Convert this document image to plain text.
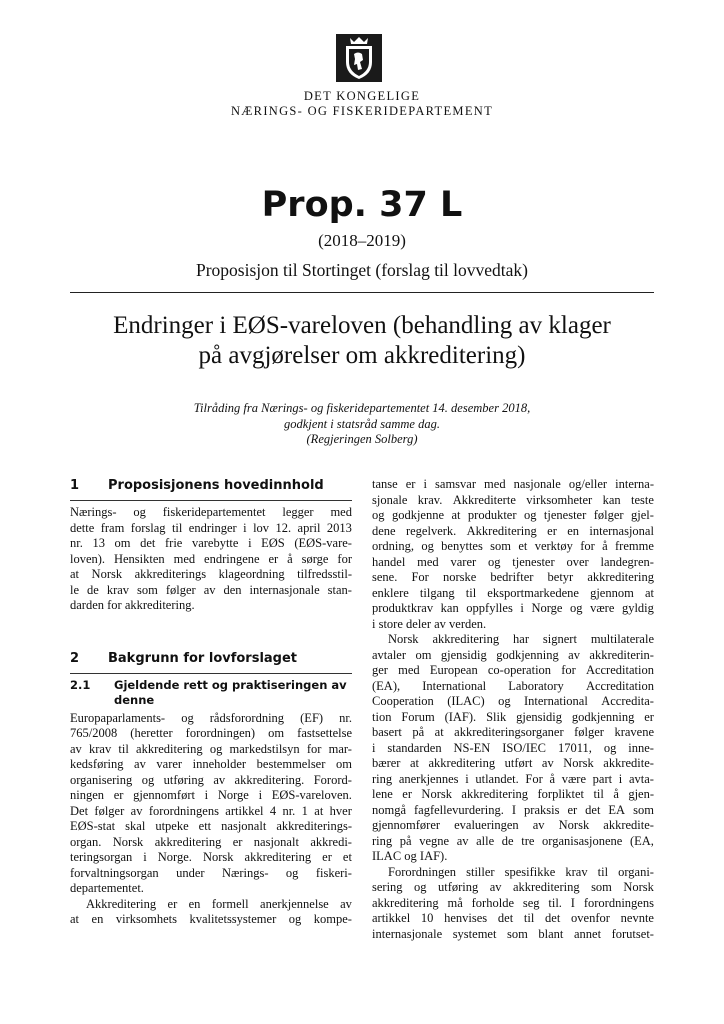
DET KONGELIGE
NÆRINGS- OG FISKERIDEPARTEMENT
Prop. 37 L
(2018–2019)
Proposisjon til Stortinget (forslag til lovvedtak)
Endringer i EØS-vareloven (behandling av klager
på avgjørelser om akkreditering)
Tilråding fra Nærings- og fiskeridepartementet 14. desember 2018,
godkjent i statsråd samme dag.
(Regjeringen Solberg)
1	Proposisjonens hovedinnhold
Nærings- og fiskeridepartementet legger med
dette fram forslag til endringer i lov 12. april 2013
nr. 13 om det frie varebytte i EØS (EØS-vare-
loven). Hensikten med endringene er å sørge for
at Norsk akkrediterings klageordning tilfredsstil-
le de krav som følger av den internasjonale stan-
darden for akkreditering.
2	Bakgrunn for lovforslaget
2.1	Gjeldende rett og praktiseringen av
denne
Europaparlaments- og rådsforordning (EF) nr.
765/2008 (heretter forordningen) om fastsettelse
av krav til akkreditering og markedstilsyn for mar-
kedsføring av varer inneholder bestemmelser om
organisering og utføring av akkreditering. Forord-
ningen er gjennomført i Norge i EØS-vareloven.
Det følger av forordningens artikkel 4 nr. 1 at hver
EØS-stat skal utpeke ett nasjonalt akkrediterings-
organ. Norsk akkreditering er nasjonalt akkredi-
teringsorgan i Norge. Norsk akkreditering er et
forvaltningsorgan under Nærings- og fiskeri-
departementet.
Akkreditering er en formell anerkjennelse av
at en virksomhets kvalitetssystemer og kompe-
tanse er i samsvar med nasjonale og/eller interna-
sjonale krav. Akkrediterte virksomheter kan teste
og godkjenne at produkter og tjenester følger gjel-
dene regelverk. Akkreditering er en internasjonal
ordning, og benyttes som et verktøy for å fremme
handel med varer og tjenester over landegren-
sene. For norske bedrifter betyr akkreditering
enklere tilgang til eksportmarkedene gjennom at
produktkrav kan oppfylles i Norge og være gyldig
i store deler av verden.
Norsk akkreditering har signert multilaterale
avtaler om gjensidig godkjenning av akkrediterin-
ger med European co-operation for Accreditation
(EA), International Laboratory Accreditation
Cooperation (ILAC) og International Accredita-
tion Forum (IAF). Slik gjensidig godkjenning er
basert på at akkrediteringsorganer følger kravene
i standarden NS-EN ISO/IEC 17011, og inne-
bærer at akkreditering utført av Norsk akkredite-
ring anerkjennes i utlandet. For å være part i avta-
lene er Norsk akkreditering forpliktet til å gjen-
nomgå fagfellevurdering. I praksis er det EA som
gjennomfører evalueringen av Norsk akkredite-
ring på vegne av alle de tre organisasjonene (EA,
ILAC og IAF).
Forordningen stiller spesifikke krav til organi-
sering og utføring av akkreditering som Norsk
akkreditering må forholde seg til. I forordningens
artikkel 10 henvises det til det ovenfor nevnte
internasjonale systemet som blant annet forutset-
